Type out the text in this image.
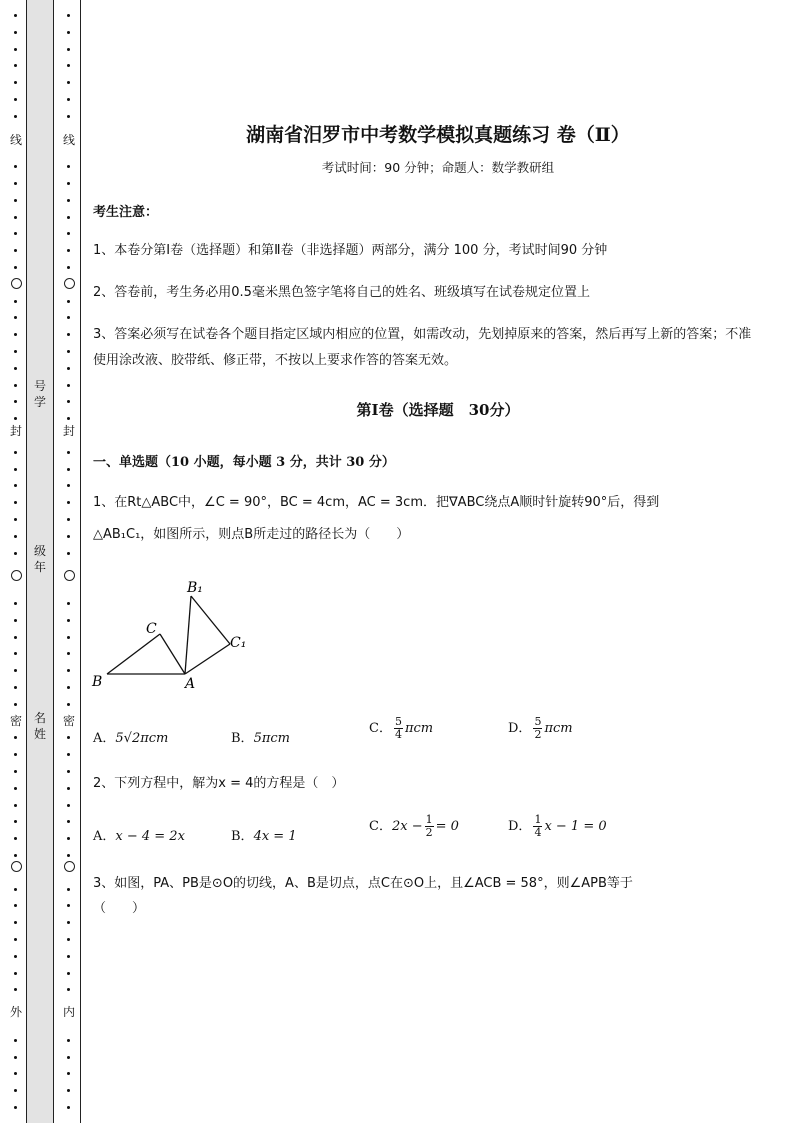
线
封
密
外
线
封
密
内
号学
级年
名姓
湖南省汨罗市中考数学模拟真题练习 卷（Ⅱ）
考试时间：90 分钟；命题人：数学教研组
考生注意：
1、本卷分第Ⅰ卷（选择题）和第Ⅱ卷（非选择题）两部分，满分 100 分，考试时间90 分钟
2、答卷前，考生务必用0.5毫米黑色签字笔将自己的姓名、班级填写在试卷规定位置上
3、答案必须写在试卷各个题目指定区域内相应的位置，如需改动，先划掉原来的答案，然后再写上新的答案；不准使用涂改液、胶带纸、修正带，不按以上要求作答的答案无效。
第Ⅰ卷（选择题　30分）
一、单选题（10 小题，每小题 3 分，共计 30 分）
1、在Rt△ABC中，∠C = 90°，BC = 4cm，AC = 3cm．把∇ABC绕点A顺时针旋转90°后，得到
△AB₁C₁，如图所示，则点B所走过的路径长为（　　）
B₁
C
C₁
B	A
A．5√2πcm	B．5πcm
C． $\frac{5}{4}$ πcm	D． $\frac{5}{2}$ πcm
2、下列方程中，解为x = 4的方程是（　）
A．x − 4 = 2x	B．4x = 1
C．$2x - \frac{1}{2} = 0$	D． $\frac{1}{4}$ x − 1 = 0
3、如图，PA、PB是⊙O的切线，A、B是切点，点C在⊙O上，且∠ACB = 58°，则∠APB等于
（　　）
